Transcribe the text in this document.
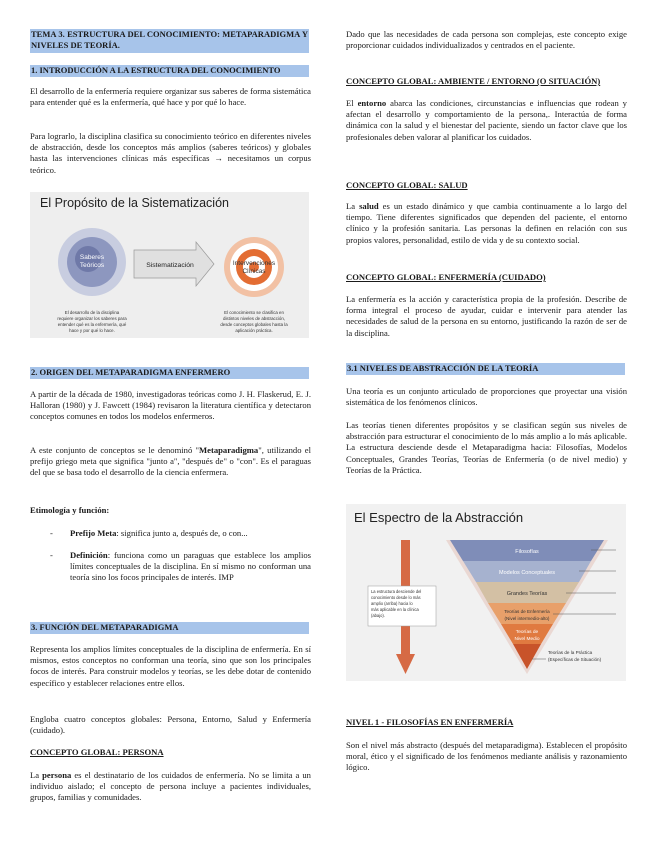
TEMA 3. ESTRUCTURA DEL CONOCIMIENTO: METAPARADIGMA Y NIVELES DE TEORÍA.
1. INTRODUCCIÓN A LA ESTRUCTURA DEL CONOCIMIENTO

El desarrollo de la enfermería requiere organizar sus saberes de forma sistemática para entender qué es la enfermería, qué hace y por qué lo hace.

Para lograrlo, la disciplina clasifica su conocimiento teórico en diferentes niveles de abstracción, desde los conceptos más amplios (saberes teóricos) y globales hasta las intervenciones clínicas más específicas → necesitamos un corpus teórico.

El Propósito de la Sistematización
Saberes
Teóricos	Sistematización	Intervenciones
Clínicas
El desarrollo de la disciplina
requiere organizar los saberes para
entender qué es la enfermería, qué
hace y por qué lo hace.
El conocimiento se clasifica en
distintos niveles de abstracción,
desde conceptos globales hasta la
aplicación práctica.
2. ORIGEN DEL METAPARADIGMA ENFERMERO

A partir de la década de 1980, investigadoras teóricas como J. H. Flaskerud, E. J. Halloran (1980) y J. Fawcett (1984) revisaron la literatura científica y detectaron conceptos comunes en todos los modelos enfermeros.

A este conjunto de conceptos se le denominó "Metaparadigma", utilizando el prefijo griego meta que significa "junto a", "después de" o "con". Es el paraguas del que se basa todo el desarrollo de la ciencia enfermera.

Etimología y función:
- Prefijo Meta: significa junto a, después de, o con...
- Definición: funciona como un paraguas que establece los amplios límites conceptuales de la disciplina. En sí mismo no conforman una teoría sino los focos principales de interés. IMP
3. FUNCIÓN DEL METAPARADIGMA

Representa los amplios límites conceptuales de la disciplina de enfermería. En sí mismos, estos conceptos no conforman una teoría, sino que son los principales focos de interés. Para construir modelos y teorías, se les debe dotar de contenido específico y establecer relaciones entre ellos.

Engloba cuatro conceptos globales: Persona, Entorno, Salud y Enfermería (cuidado).

CONCEPTO GLOBAL: PERSONA

La persona es el destinatario de los cuidados de enfermería. No se limita a un individuo aislado; el concepto de persona incluye a pacientes individuales, grupos, familias y comunidades.

Dado que las necesidades de cada persona son complejas, este concepto exige proporcionar cuidados individualizados y centrados en el paciente.

CONCEPTO GLOBAL: AMBIENTE / ENTORNO (O SITUACIÓN)

El entorno abarca las condiciones, circunstancias e influencias que rodean y afectan el desarrollo y comportamiento de la persona,. Interactúa de forma dinámica con la salud y el bienestar del paciente, siendo un factor clave que los profesionales deben valorar al planificar los cuidados.

CONCEPTO GLOBAL: SALUD

La salud es un estado dinámico y que cambia continuamente a lo largo del tiempo. Tiene diferentes significados que dependen del paciente, el entorno clínico y la profesión sanitaria. Las personas la definen en relación con sus propios valores, personalidad, estilo de vida y de su contexto social.

CONCEPTO GLOBAL: ENFERMERÍA (CUIDADO)

La enfermería es la acción y característica propia de la profesión. Describe de forma integral el proceso de ayudar, cuidar e intervenir para atender las necesidades de salud de la persona en su entorno, justificando la razón de ser de la disciplina.

3.1 NIVELES DE ABSTRACCIÓN DE LA TEORÍA

Una teoría es un conjunto articulado de proporciones que proyectar una visión sistemática de los fenómenos clínicos.

Las teorías tienen diferentes propósitos y se clasifican según sus niveles de abstracción para estructurar el conocimiento de lo más amplio a lo más aplicable. La estructura desciende desde el Metaparadigma hacia: Filosofías, Modelos Conceptuales, Grandes Teorías, Teorías de Enfermería (o de nivel medio) y Teorías de la Práctica.

El Espectro de la Abstracción
Filosofías
Modelos Conceptuales
Grandes Teorías
Teorías de Enfermería
(Nivel intermedio-alto)
Teorías de
Nivel Medio
Teorías de la Práctica
(Específicas de Situación)
La estructura desciende del
conocimiento desde lo más
amplio (arriba) hacia lo
más aplicable en la clínica
(abajo).
NIVEL 1 - FILOSOFÍAS EN ENFERMERÍA

Son el nivel más abstracto (después del metaparadigma). Establecen el propósito moral, ético y el significado de los fenómenos mediante análisis y razonamiento lógico.
